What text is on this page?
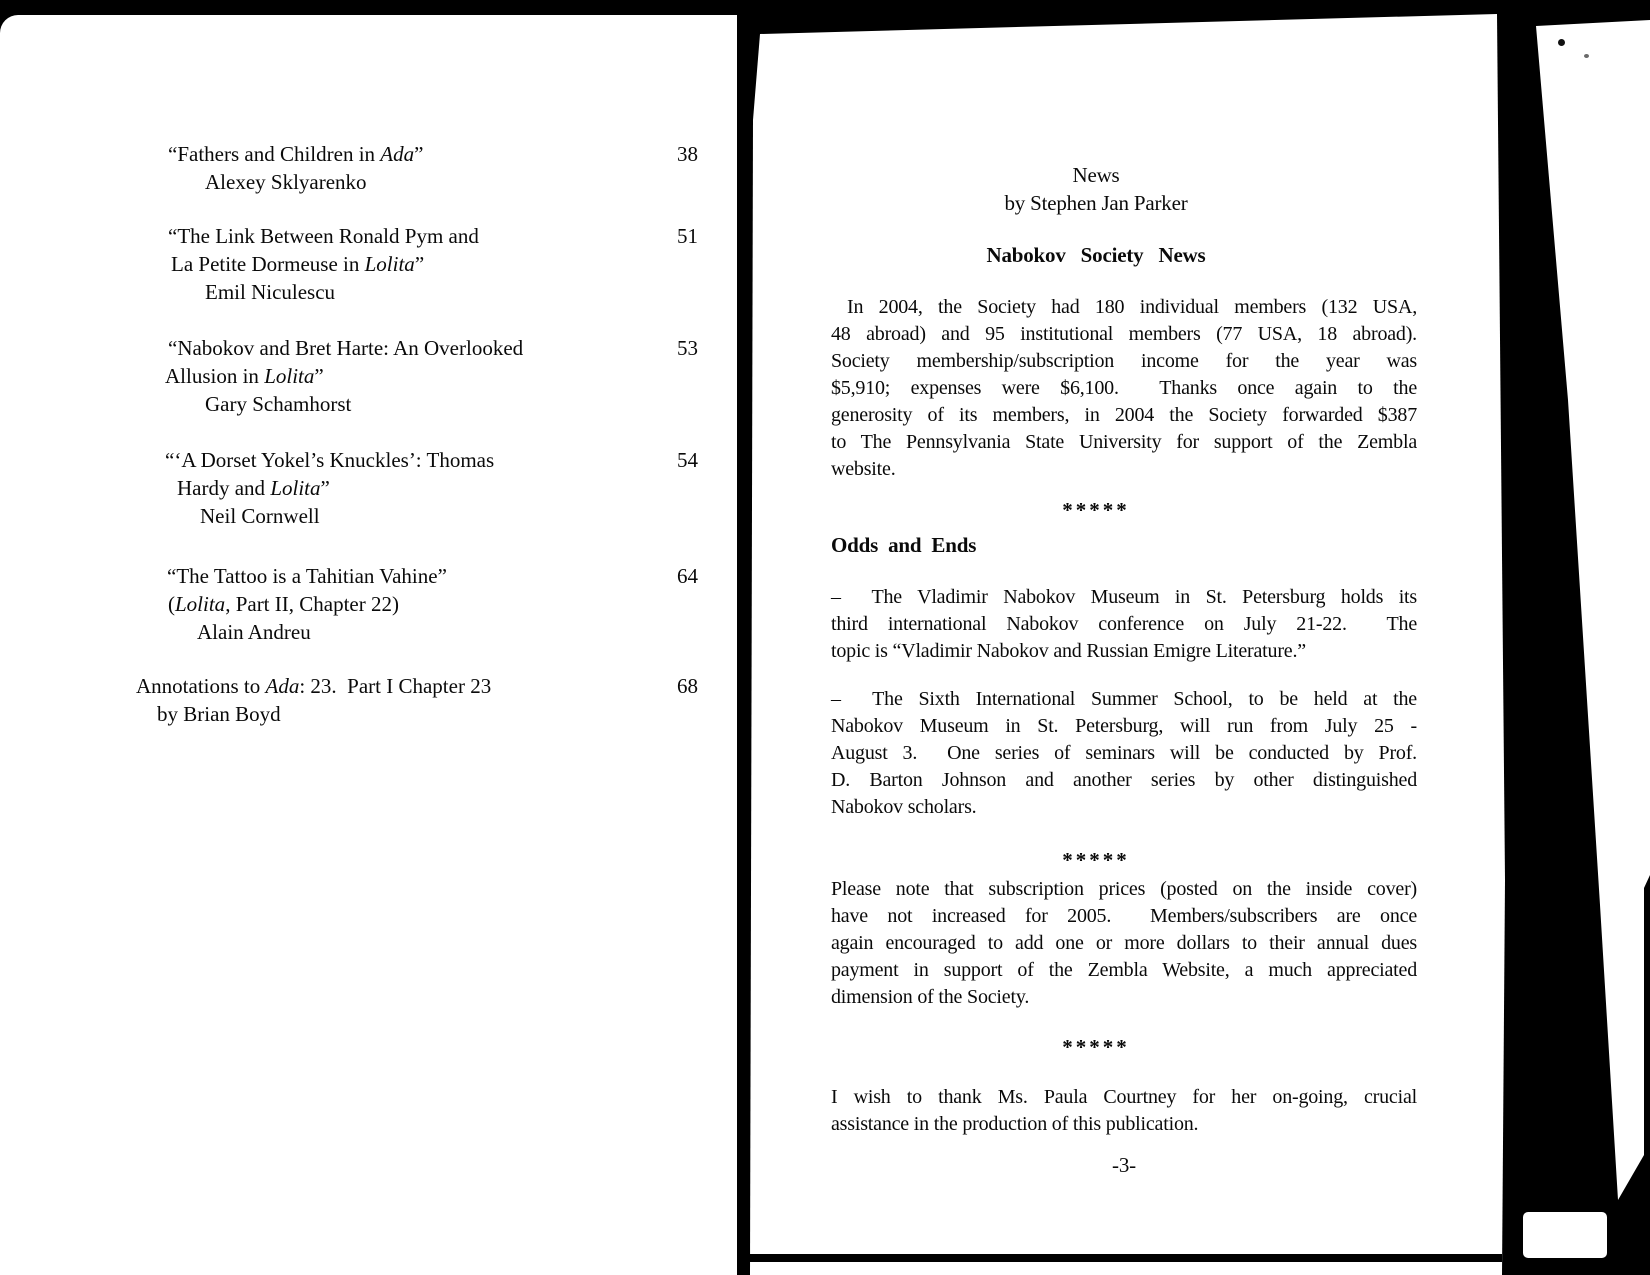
“Fathers and Children in Ada”
Alexey Sklyarenko
38
“The Link Between Ronald Pym and
La Petite Dormeuse in Lolita”
Emil Niculescu
51
“Nabokov and Bret Harte: An Overlooked
Allusion in Lolita”
Gary Schamhorst
53
“‘A Dorset Yokel’s Knuckles’: Thomas
Hardy and Lolita”
Neil Cornwell
54
“The Tattoo is a Tahitian Vahine”
(Lolita, Part II, Chapter 22)
Alain Andreu
64
Annotations to Ada: 23.  Part I Chapter 23
by Brian Boyd
68
News
by Stephen Jan Parker
Nabokov Society News
In 2004, the Society had 180 individual members (132 USA,
48 abroad) and 95 institutional members (77 USA, 18 abroad).
Society membership/subscription income for the year was
$5,910; expenses were $6,100.  Thanks once again to the
generosity of its members, in 2004 the Society forwarded $387
to The Pennsylvania State University for support of the Zembla
website.
*****
Odds and Ends
–  The Vladimir Nabokov Museum in St. Petersburg holds its
third international Nabokov conference on July 21-22.  The
topic is “Vladimir Nabokov and Russian Emigre Literature.”
–  The Sixth International Summer School, to be held at the
Nabokov Museum in St. Petersburg, will run from July 25 -
August 3.  One series of seminars will be conducted by Prof.
D. Barton Johnson and another series by other distinguished
Nabokov scholars.
*****
Please note that subscription prices (posted on the inside cover)
have not increased for 2005.  Members/subscribers are once
again encouraged to add one or more dollars to their annual dues
payment in support of the Zembla Website, a much appreciated
dimension of the Society.
*****
I wish to thank Ms. Paula Courtney for her on-going, crucial
assistance in the production of this publication.
-3-
